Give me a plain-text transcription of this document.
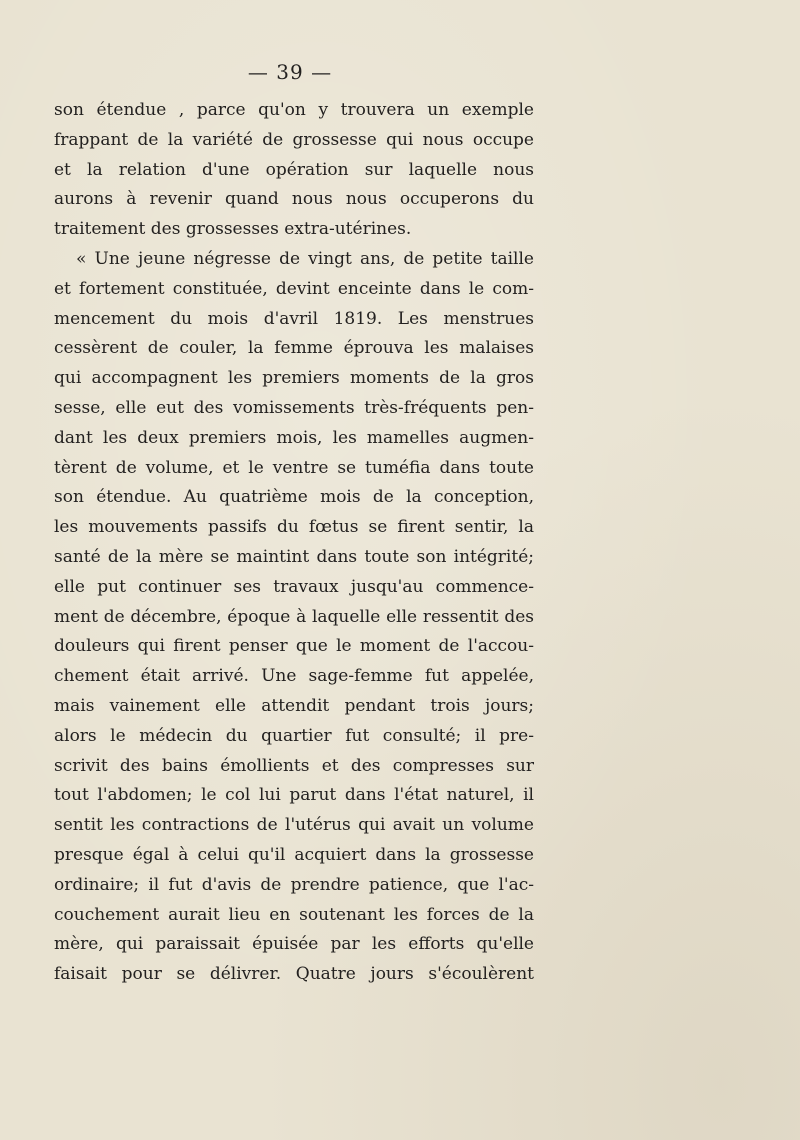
— 39 —
son étendue , parce qu'on y trouvera un exemple
frappant de la variété de grossesse qui nous occupe
et la relation d'une opération sur laquelle nous
aurons à revenir quand nous nous occuperons du
traitement des grossesses extra-utérines.
« Une jeune négresse de vingt ans, de petite taille
et fortement constituée, devint enceinte dans le com-
mencement du mois d'avril 1819. Les menstrues
cessèrent de couler, la femme éprouva les malaises
qui accompagnent les premiers moments de la gros
sesse, elle eut des vomissements très-fréquents pen-
dant les deux premiers mois, les mamelles augmen-
tèrent de volume, et le ventre se tuméfia dans toute
son étendue. Au quatrième mois de la conception,
les mouvements passifs du fœtus se firent sentir, la
santé de la mère se maintint dans toute son intégrité;
elle put continuer ses travaux jusqu'au commence-
ment de décembre, époque à laquelle elle ressentit des
douleurs qui firent penser que le moment de l'accou-
chement était arrivé. Une sage-femme fut appelée,
mais vainement elle attendit pendant trois jours;
alors le médecin du quartier fut consulté; il pre-
scrivit des bains émollients et des compresses sur
tout l'abdomen; le col lui parut dans l'état naturel, il
sentit les contractions de l'utérus qui avait un volume
presque égal à celui qu'il acquiert dans la grossesse
ordinaire; il fut d'avis de prendre patience, que l'ac-
couchement aurait lieu en soutenant les forces de la
mère, qui paraissait épuisée par les efforts qu'elle
faisait pour se délivrer. Quatre jours s'écoulèrent
